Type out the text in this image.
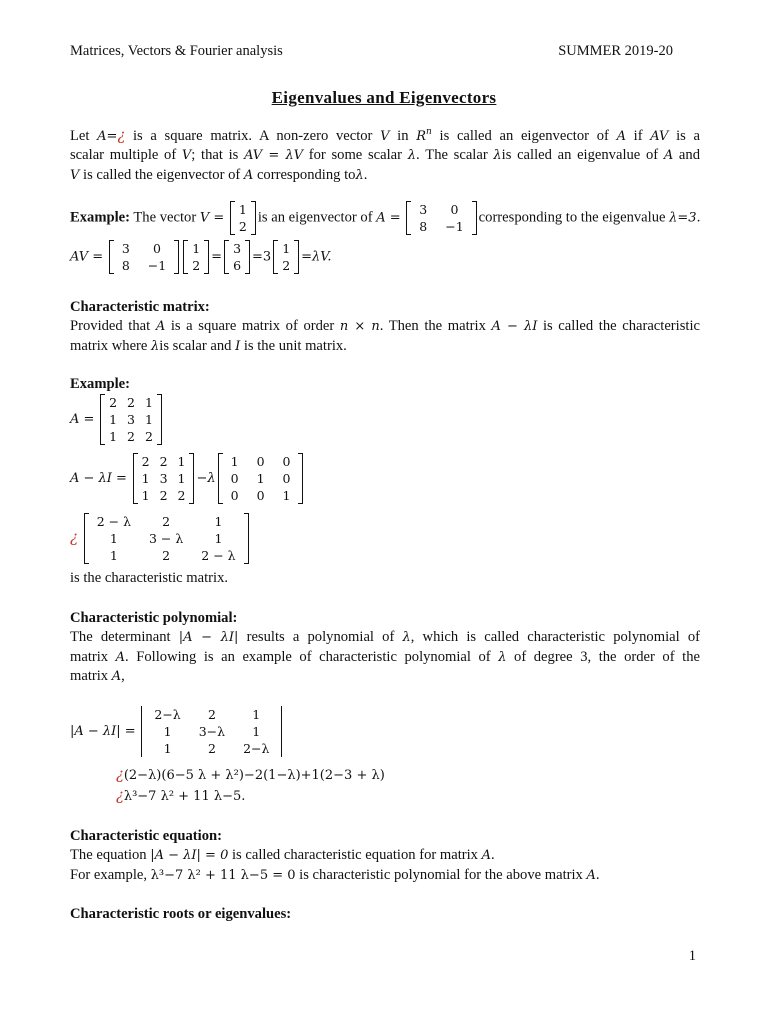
Matrices, Vectors & Fourier analysis	SUMMER 2019-20
Eigenvalues and Eigenvectors
Let A=¿ is a square matrix. A non-zero vector V in $R^n$ is called an eigenvector of A if AV is a
scalar multiple of V; that is AV = λV for some scalar λ. The scalar λis called an eigenvalue of A and
V is called the eigenvector of A corresponding toλ.
Example: The vector V =
1
2
is an eigenvector of A =
3	0
8	−1
corresponding to the eigenvalue λ=3.
AV =
3	0
8	−1
1
2
=
3
6
=3
1
2
=λV.
Characteristic matrix:
Provided that A is a square matrix of order n × n. Then the matrix A − λI is called the characteristic
matrix where λis scalar and I is the unit matrix.
Example:
A =
2	2	1
1	3	1
1	2	2
A − λI =
2	2	1
1	3	1
1	2	2
−λ
1	0	0
0	1	0
0	0	1
¿
2 − λ	2	1
1	3 − λ	1
1	2	2 − λ
is the characteristic matrix.
Characteristic polynomial:
The determinant |A − λI| results a polynomial of λ, which is called characteristic polynomial of
matrix A. Following is an example of characteristic polynomial of λ of degree 3, the order of the
matrix A,
|A − λI| =
2−λ	2	1
1	3−λ	1
1	2	2−λ
¿(2−λ)(6−5 λ + λ²)−2(1−λ)+1(2−3 + λ)
¿λ³−7 λ² + 11 λ−5.
Characteristic equation:
The equation |A − λI| = 0 is called characteristic equation for matrix A.
For example, λ³−7 λ² + 11 λ−5 = 0 is characteristic polynomial for the above matrix A.
Characteristic roots or eigenvalues:
1
